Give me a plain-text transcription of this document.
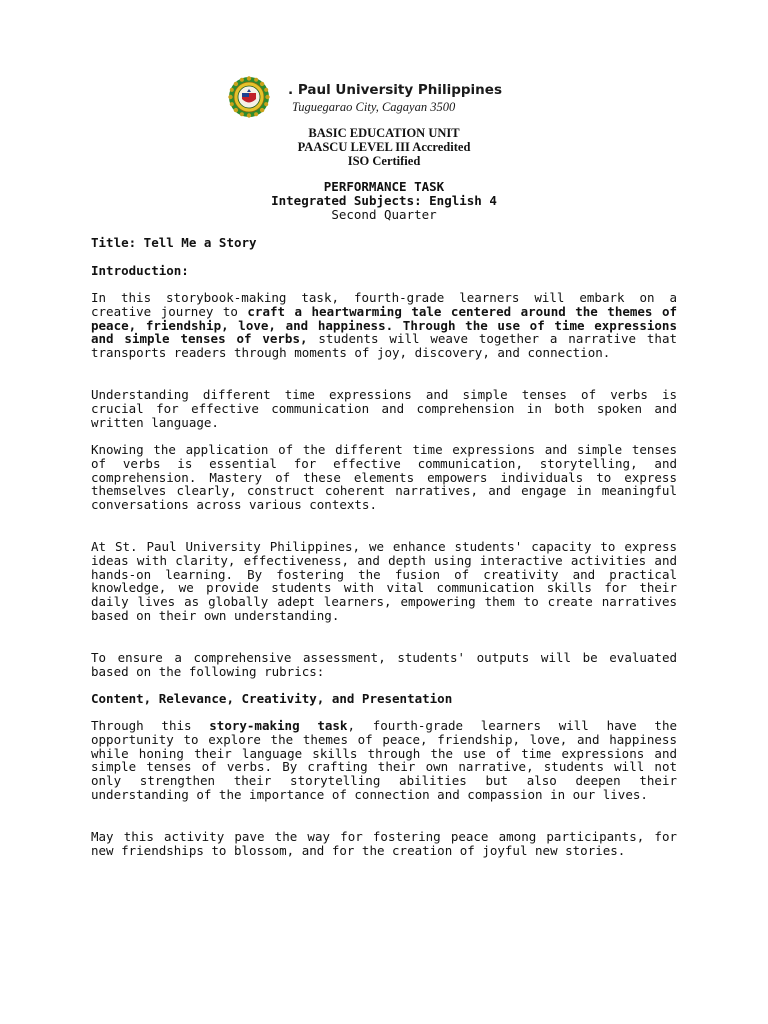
. Paul University Philippines
Tuguegarao City, Cagayan 3500
BASIC EDUCATION UNIT
PAASCU LEVEL III Accredited
ISO Certified
PERFORMANCE TASK
Integrated Subjects: English 4
Second Quarter
Title: Tell Me a Story
Introduction:
In this storybook-making task, fourth-grade learners will embark on a creative journey to craft a heartwarming tale centered around the themes of peace, friendship, love, and happiness. Through the use of time expressions and simple tenses of verbs, students will weave together a narrative that transports readers through moments of joy, discovery, and connection.
Understanding different time expressions and simple tenses of verbs is crucial for effective communication and comprehension in both spoken and written language.
Knowing the application of the different time expressions and simple tenses of verbs is essential for effective communication, storytelling, and comprehension. Mastery of these elements empowers individuals to express themselves clearly, construct coherent narratives, and engage in meaningful conversations across various contexts.
At St. Paul University Philippines, we enhance students' capacity to express ideas with clarity, effectiveness, and depth using interactive activities and hands-on learning. By fostering the fusion of creativity and practical knowledge, we provide students with vital communication skills for their daily lives as globally adept learners, empowering them to create narratives based on their own understanding.
To ensure a comprehensive assessment, students' outputs will be evaluated based on the following rubrics:
Content, Relevance, Creativity, and Presentation
Through this story-making task, fourth-grade learners will have the opportunity to explore the themes of peace, friendship, love, and happiness while honing their language skills through the use of time expressions and simple tenses of verbs. By crafting their own narrative, students will not only strengthen their storytelling abilities but also deepen their understanding of the importance of connection and compassion in our lives.
May this activity pave the way for fostering peace among participants, for new friendships to blossom, and for the creation of joyful new stories.
